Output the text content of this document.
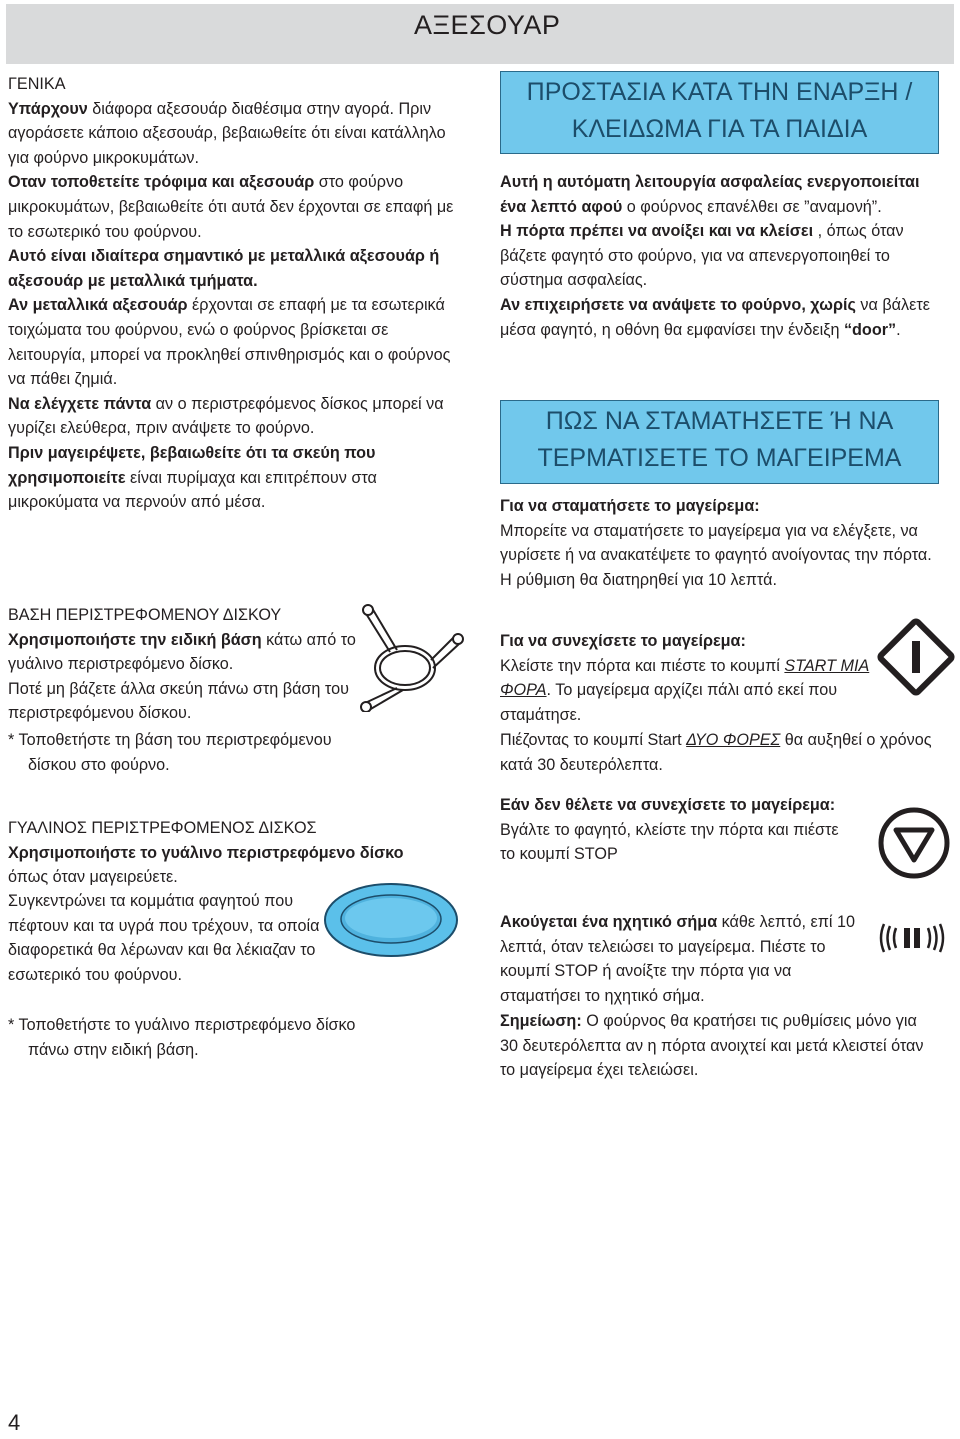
ΑΞΕΣΟΥΑΡ

ΓΕΝΙΚΑ

Υπάρχουν διάφορα αξεσουάρ διαθέσιμα στην αγορά. Πριν αγοράσετε κάποιο αξεσουάρ, βεβαιωθείτε ότι είναι κατάλληλο για φούρνο μικροκυμάτων.

Οταν τοποθετείτε τρόφιμα και αξεσουάρ στο φούρνο μικροκυμάτων, βεβαιωθείτε ότι αυτά δεν έρχονται σε επαφή με το εσωτερικό του φούρνου.

Αυτό είναι ιδιαίτερα σημαντικό με μεταλλικά αξεσουάρ ή αξεσουάρ με μεταλλικά τμήματα.

Αν μεταλλικά αξεσουάρ έρχονται σε επαφή με τα εσωτερικά τοιχώματα του φούρνου, ενώ ο φούρνος βρίσκεται σε λειτουργία, μπορεί να προκληθεί σπινθηρισμός και ο φούρνος να πάθει ζημιά.

Να ελέγχετε πάντα αν ο περιστρεφόμενος δίσκος μπορεί να γυρίζει ελεύθερα, πριν ανάψετε το φούρνο.

Πριν μαγειρέψετε, βεβαιωθείτε ότι τα σκεύη που χρησιμοποιείτε είναι πυρίμαχα και επιτρέπουν στα μικροκύματα να περνούν από μέσα.

ΒΑΣΗ ΠΕΡΙΣΤΡΕΦΟΜΕΝΟΥ ΔΙΣΚΟΥ

Χρησιμοποιήστε την ειδική βάση κάτω από το γυάλινο περιστρεφόμενο δίσκο.

Ποτέ μη βάζετε άλλα σκεύη πάνω στη βάση του περιστρεφόμενου δίσκου.

* Τοποθετήστε τη βάση του περιστρεφόμενου

δίσκου στο φούρνο.

ΓΥΑΛΙΝΟΣ ΠΕΡΙΣΤΡΕΦΟΜΕΝΟΣ ΔΙΣΚΟΣ

Χρησιμοποιήστε το γυάλινο περιστρεφόμενο δίσκο όπως όταν μαγειρεύετε.

Συγκεντρώνει τα κομμάτια φαγητού που πέφτουν και τα υγρά που τρέχουν, τα οποία διαφορετικά θα λέρωναν και θα λέκιαζαν το εσωτερικό του φούρνου.

* Τοποθετήστε το γυάλινο περιστρεφόμενο δίσκο

πάνω στην ειδική βάση.

ΠΡΟΣΤΑΣΙΑ ΚΑΤΑ ΤΗΝ ΕΝΑΡΞΗ /
ΚΛΕΙΔΩΜΑ ΓΙΑ ΤΑ ΠΑΙΔΙΑ

Αυτή η αυτόματη λειτουργία ασφαλείας ενεργοποιείται ένα λεπτό αφού ο φούρνος επανέλθει σε ”αναμονή”.

Η πόρτα πρέπει να ανοίξει και να κλείσει , όπως όταν βάζετε φαγητό στο φούρνο, για να απενεργοποιηθεί το σύστημα ασφαλείας.

Αν επιχειρήσετε να ανάψετε το φούρνο, χωρίς να βάλετε μέσα φαγητό, η οθόνη θα εμφανίσει την ένδειξη “door”.

ΠΩΣ ΝΑ ΣΤΑΜΑΤΗΣΕΤΕ Ή ΝΑ
ΤΕΡΜΑΤΙΣΕΤΕ ΤΟ ΜΑΓΕΙΡΕΜΑ

Για να σταματήσετε το μαγείρεμα:

Μπορείτε να σταματήσετε το μαγείρεμα για να ελέγξετε, να γυρίσετε ή να ανακατέψετε το φαγητό ανοίγοντας την πόρτα. Η ρύθμιση θα διατηρηθεί για 10 λεπτά.

Για να συνεχίσετε το μαγείρεμα:

Κλείστε την πόρτα και πιέστε το κουμπί START ΜΙΑ ΦΟΡΑ. Το μαγείρεμα αρχίζει πάλι από εκεί που σταμάτησε.

Πιέζοντας το κουμπί Start ΔΥΟ ΦΟΡΕΣ θα αυξηθεί ο χρόνος κατά 30 δευτερόλεπτα.

Εάν δεν θέλετε να συνεχίσετε το μαγείρεμα:

Βγάλτε το φαγητό, κλείστε την πόρτα και πιέστε το κουμπί STOP

Ακούγεται ένα ηχητικό σήμα κάθε λεπτό, επί 10 λεπτά, όταν τελειώσει το μαγείρεμα. Πιέστε το κουμπί STOP ή ανοίξτε την πόρτα για να σταματήσει το ηχητικό σήμα.

Σημείωση: Ο φούρνος θα κρατήσει τις ρυθμίσεις μόνο για 30 δευτερόλεπτα αν η πόρτα ανοιχτεί και μετά κλειστεί όταν το μαγείρεμα έχει τελειώσει.

4
